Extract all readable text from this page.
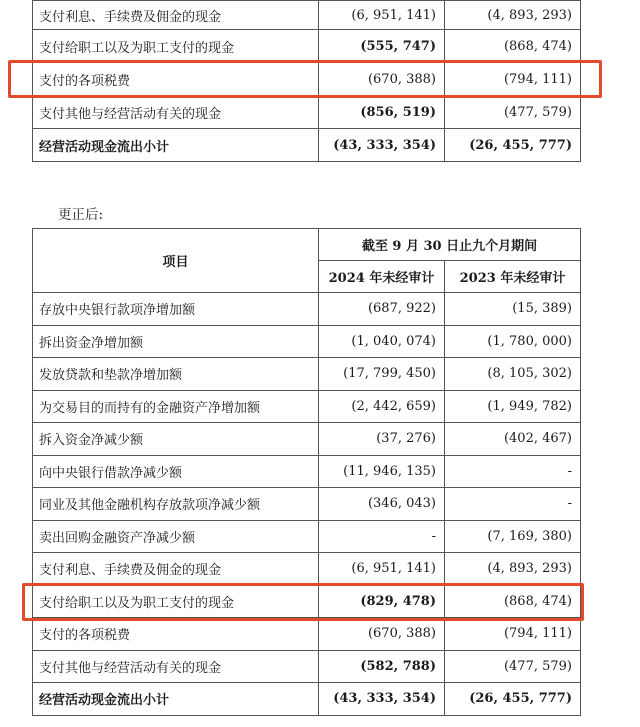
支付利息、手续费及佣金的现金	(6, 951, 141)	(4, 893, 293)
支付给职工以及为职工支付的现金	(555, 747)	(868, 474)
支付的各项税费	(670, 388)	(794, 111)
支付其他与经营活动有关的现金	(856, 519)	(477, 579)
经营活动现金流出小计	(43, 333, 354)	(26, 455, 777)
更正后:
项目	截至 9 月 30 日止九个月期间	
	2024 年未经审计	2023 年未经审计
存放中央银行款项净增加额	(687, 922)	(15, 389)
拆出资金净增加额	(1, 040, 074)	(1, 780, 000)
发放贷款和垫款净增加额	(17, 799, 450)	(8, 105, 302)
为交易目的而持有的金融资产净增加额	(2, 442, 659)	(1, 949, 782)
拆入资金净减少额	(37, 276)	(402, 467)
向中央银行借款净减少额	(11, 946, 135)	-
同业及其他金融机构存放款项净减少额	(346, 043)	-
卖出回购金融资产净减少额	-	(7, 169, 380)
支付利息、手续费及佣金的现金	(6, 951, 141)	(4, 893, 293)
支付给职工以及为职工支付的现金	(829, 478)	(868, 474)
支付的各项税费	(670, 388)	(794, 111)
支付其他与经营活动有关的现金	(582, 788)	(477, 579)
经营活动现金流出小计	(43, 333, 354)	(26, 455, 777)
